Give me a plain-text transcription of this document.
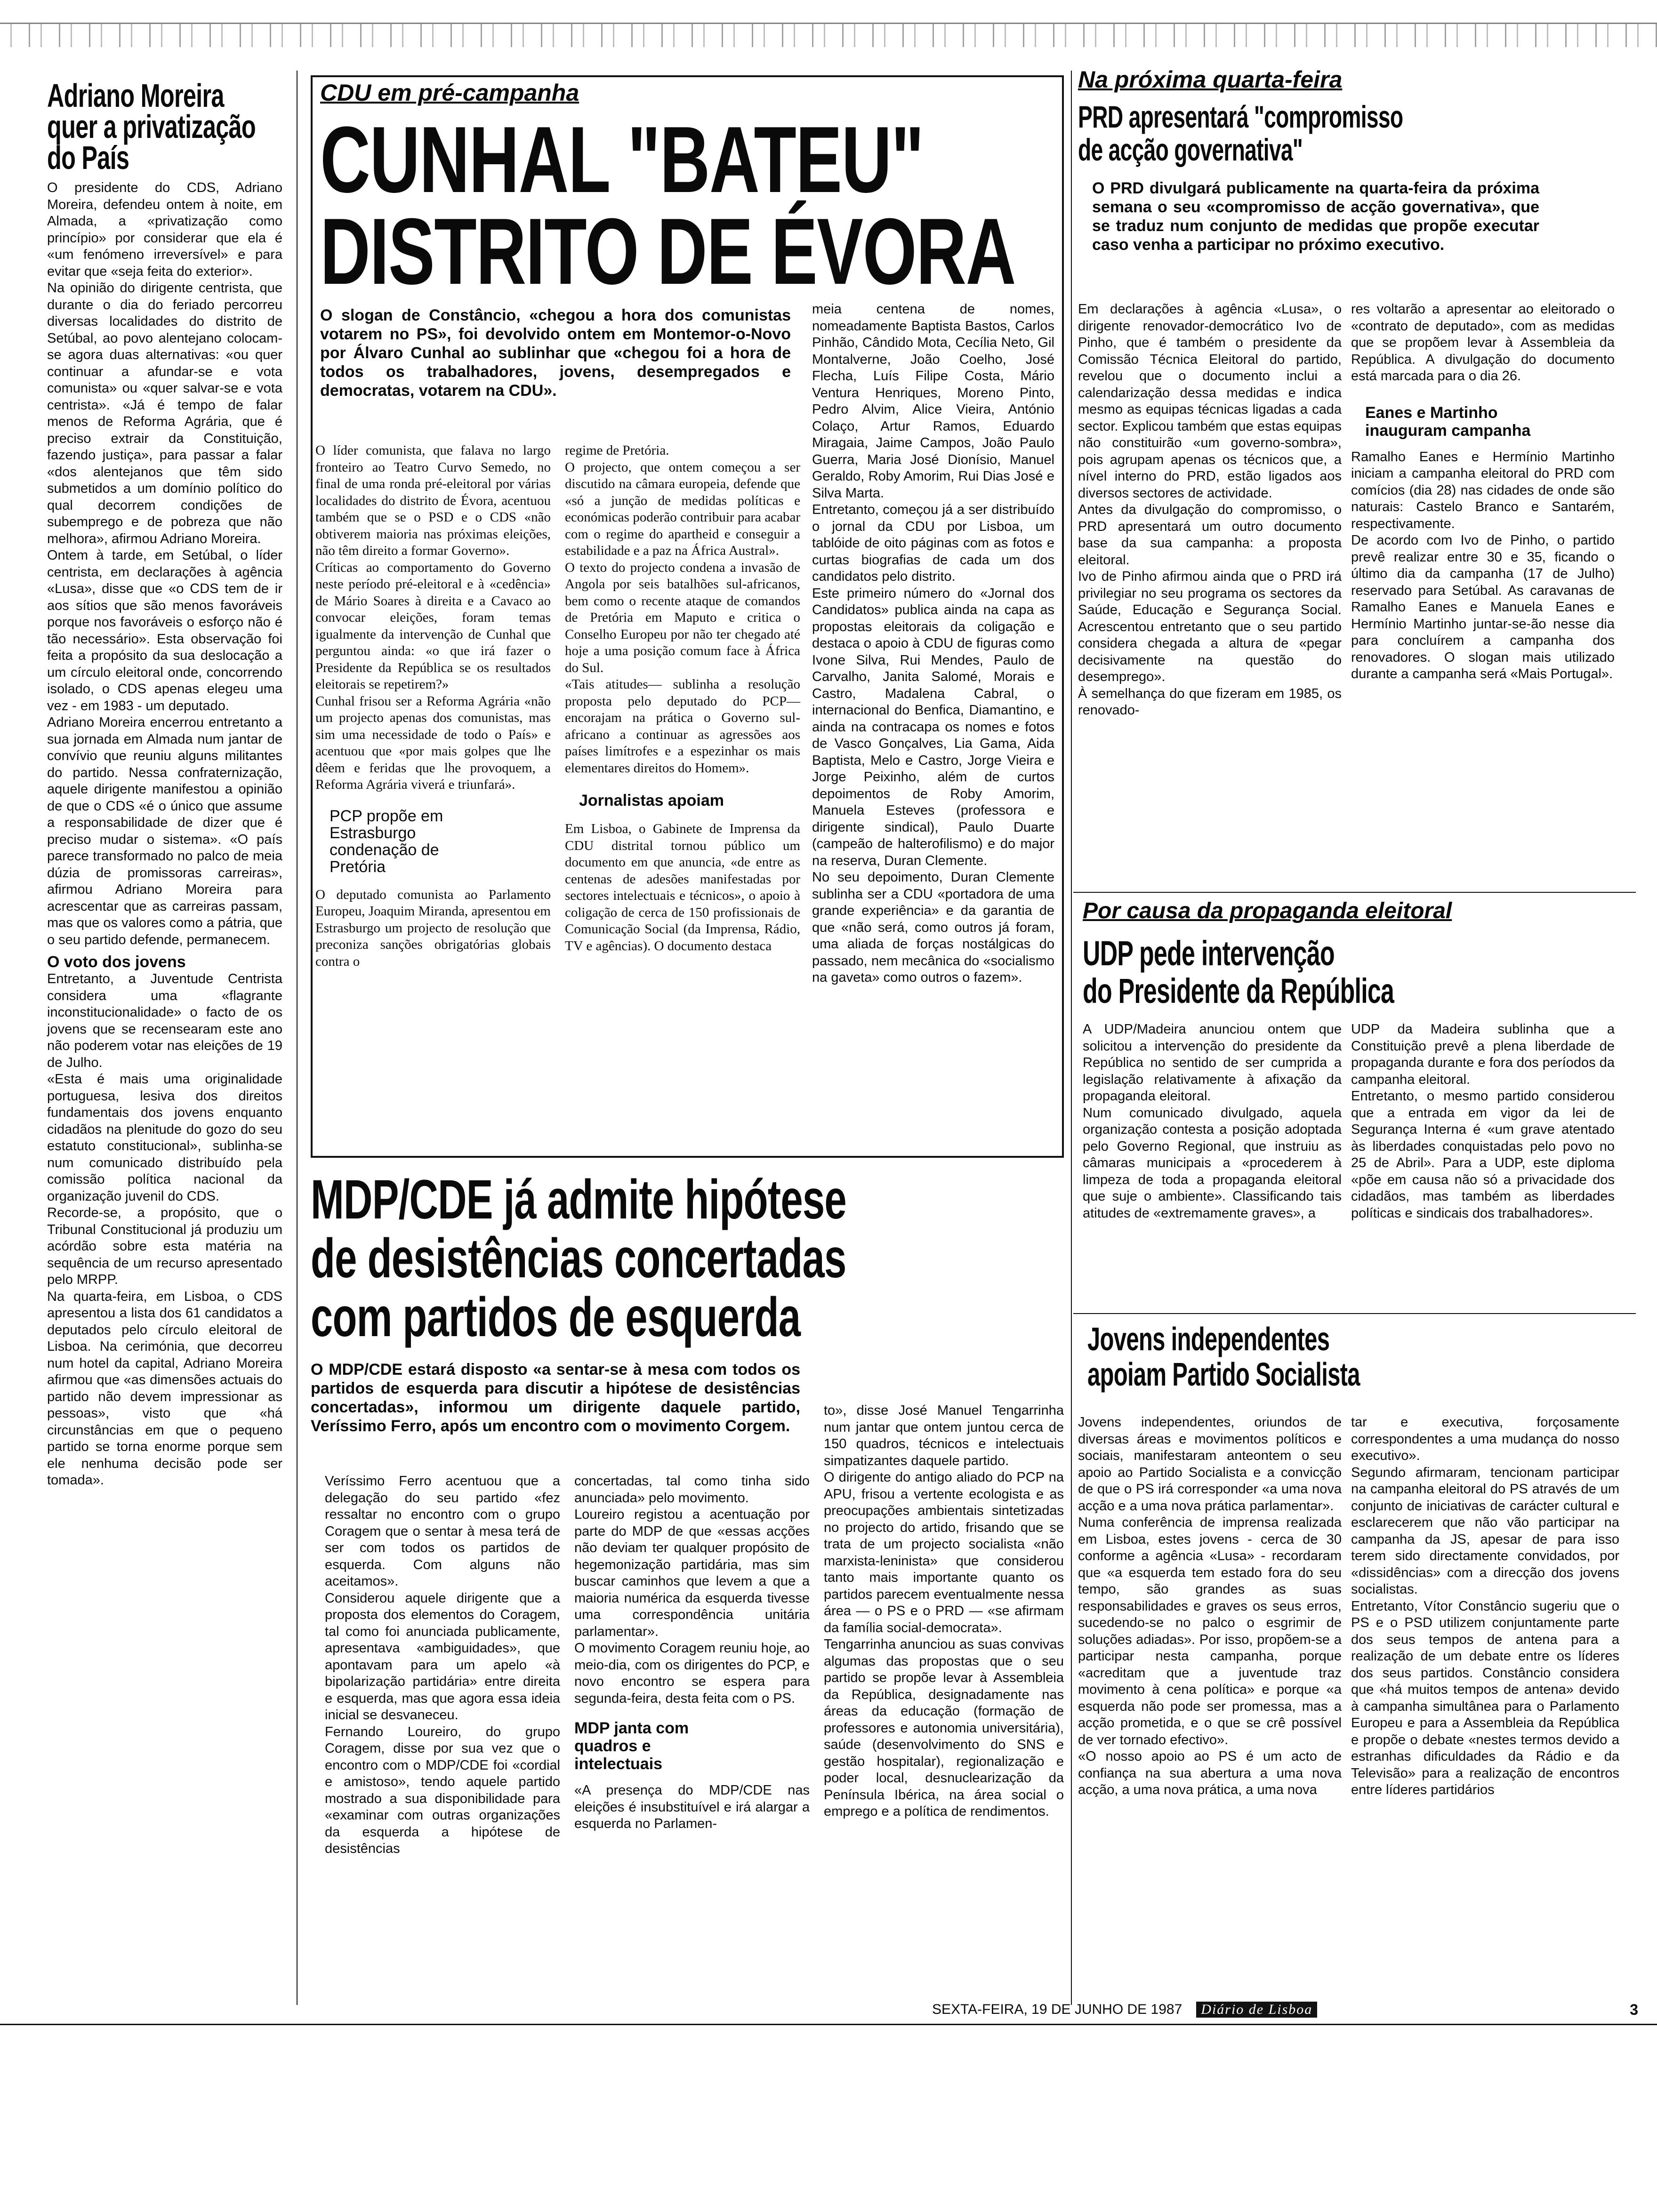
Adriano Moreira
quer a privatização
do País
O presidente do CDS, Adriano Moreira, defendeu ontem à noite, em Almada, a «privatização como princípio» por considerar que ela é «um fenómeno irreversível» e para evitar que «seja feita do exterior».
Na opinião do dirigente centrista, que durante o dia do feriado percorreu diversas localidades do distrito de Setúbal, ao povo alentejano colocam-se agora duas alternativas: «ou quer continuar a afundar-se e vota comunista» ou «quer salvar-se e vota centrista». «Já é tempo de falar menos de Reforma Agrária, que é preciso extrair da Constituição, fazendo justiça», para passar a falar «dos alentejanos que têm sido submetidos a um domínio político do qual decorrem condições de subemprego e de pobreza que não melhora», afirmou Adriano Moreira.
Ontem à tarde, em Setúbal, o líder centrista, em declarações à agência «Lusa», disse que «o CDS tem de ir aos sítios que são menos favoráveis porque nos favoráveis o esforço não é tão necessário». Esta observação foi feita a propósito da sua deslocação a um círculo eleitoral onde, concorrendo isolado, o CDS apenas elegeu uma vez - em 1983 - um deputado.
Adriano Moreira encerrou entretanto a sua jornada em Almada num jantar de convívio que reuniu alguns militantes do partido. Nessa confraternização, aquele dirigente manifestou a opinião de que o CDS «é o único que assume a responsabilidade de dizer que é preciso mudar o sistema». «O país parece transformado no palco de meia dúzia de promissoras carreiras», afirmou Adriano Moreira para acrescentar que as carreiras passam, mas que os valores como a pátria, que o seu partido defende, permanecem.
O voto dos jovens
Entretanto, a Juventude Centrista considera uma «flagrante inconstitucionalidade» o facto de os jovens que se recensearam este ano não poderem votar nas eleições de 19 de Julho.
«Esta é mais uma originalidade portuguesa, lesiva dos direitos fundamentais dos jovens enquanto cidadãos na plenitude do gozo do seu estatuto constitucional», sublinha-se num comunicado distribuído pela comissão política nacional da organização juvenil do CDS.
Recorde-se, a propósito, que o Tribunal Constitucional já produziu um acórdão sobre esta matéria na sequência de um recurso apresentado pelo MRPP.
Na quarta-feira, em Lisboa, o CDS apresentou a lista dos 61 candidatos a deputados pelo círculo eleitoral de Lisboa. Na cerimónia, que decorreu num hotel da capital, Adriano Moreira afirmou que «as dimensões actuais do partido não devem impressionar as pessoas», visto que «há circunstâncias em que o pequeno partido se torna enorme porque sem ele nenhuma decisão pode ser tomada».
CDU em pré-campanha
CUNHAL "BATEU"
DISTRITO DE ÉVORA
O slogan de Constâncio, «chegou a hora dos comunistas votarem no PS», foi devolvido ontem em Montemor-o-Novo por Álvaro Cunhal ao sublinhar que «chegou foi a hora de todos os trabalhadores, jovens, desempregados e democratas, votarem na CDU».
O líder comunista, que falava no largo fronteiro ao Teatro Curvo Semedo, no final de uma ronda pré-eleitoral por várias localidades do distrito de Évora, acentuou também que se o PSD e o CDS «não obtiverem maioria nas próximas eleições, não têm direito a formar Governo».
Críticas ao comportamento do Governo neste período pré-eleitoral e à «cedência» de Mário Soares à direita e a Cavaco ao convocar eleições, foram temas igualmente da intervenção de Cunhal que perguntou ainda: «o que irá fazer o Presidente da República se os resultados eleitorais se repetirem?»
Cunhal frisou ser a Reforma Agrária «não um projecto apenas dos comunistas, mas sim uma necessidade de todo o País» e acentuou que «por mais golpes que lhe dêem e feridas que lhe provoquem, a Reforma Agrária viverá e triunfará».
PCP propõe em Estrasburgo condenação de Pretória
O deputado comunista ao Parlamento Europeu, Joaquim Miranda, apresentou em Estrasburgo um projecto de resolução que preconiza sanções obrigatórias globais contra o
regime de Pretória.
O projecto, que ontem começou a ser discutido na câmara europeia, defende que «só a junção de medidas políticas e económicas poderão contribuir para acabar com o regime do apartheid e conseguir a estabilidade e a paz na África Austral».
O texto do projecto condena a invasão de Angola por seis batalhões sul-africanos, bem como o recente ataque de comandos de Pretória em Maputo e critica o Conselho Europeu por não ter chegado até hoje a uma posição comum face à África do Sul.
«Tais atitudes— sublinha a resolução proposta pelo deputado do PCP— encorajam na prática o Governo sul-africano a continuar as agressões aos países limítrofes e a espezinhar os mais elementares direitos do Homem».
Jornalistas apoiam
Em Lisboa, o Gabinete de Imprensa da CDU distrital tornou público um documento em que anuncia, «de entre as centenas de adesões manifestadas por sectores intelectuais e técnicos», o apoio à coligação de cerca de 150 profissionais de Comunicação Social (da Imprensa, Rádio, TV e agências). O documento destaca
meia centena de nomes, nomeadamente Baptista Bastos, Carlos Pinhão, Cândido Mota, Cecília Neto, Gil Montalverne, João Coelho, José Flecha, Luís Filipe Costa, Mário Ventura Henriques, Moreno Pinto, Pedro Alvim, Alice Vieira, António Colaço, Artur Ramos, Eduardo Miragaia, Jaime Campos, João Paulo Guerra, Maria José Dionísio, Manuel Geraldo, Roby Amorim, Rui Dias José e Silva Marta.
Entretanto, começou já a ser distribuído o jornal da CDU por Lisboa, um tablóide de oito páginas com as fotos e curtas biografias de cada um dos candidatos pelo distrito.
Este primeiro número do «Jornal dos Candidatos» publica ainda na capa as propostas eleitorais da coligação e destaca o apoio à CDU de figuras como Ivone Silva, Rui Mendes, Paulo de Carvalho, Janita Salomé, Morais e Castro, Madalena Cabral, o internacional do Benfica, Diamantino, e ainda na contracapa os nomes e fotos de Vasco Gonçalves, Lia Gama, Aida Baptista, Melo e Castro, Jorge Vieira e Jorge Peixinho, além de curtos depoimentos de Roby Amorim, Manuela Esteves (professora e dirigente sindical), Paulo Duarte (campeão de halterofilismo) e do major na reserva, Duran Clemente.
No seu depoimento, Duran Clemente sublinha ser a CDU «portadora de uma grande experiência» e da garantia de que «não será, como outros já foram, uma aliada de forças nostálgicas do passado, nem mecânica do «socialismo na gaveta» como outros o fazem».
Na próxima quarta-feira
PRD apresentará "compromisso
de acção governativa"
O PRD divulgará publicamente na quarta-feira da próxima semana o seu «compromisso de acção governativa», que se traduz num conjunto de medidas que propõe executar caso venha a participar no próximo executivo.
Em declarações à agência «Lusa», o dirigente renovador-democrático Ivo de Pinho, que é também o presidente da Comissão Técnica Eleitoral do partido, revelou que o documento inclui a calendarização dessa medidas e indica mesmo as equipas técnicas ligadas a cada sector. Explicou também que estas equipas não constituirão «um governo-sombra», pois agrupam apenas os técnicos que, a nível interno do PRD, estão ligados aos diversos sectores de actividade.
Antes da divulgação do compromisso, o PRD apresentará um outro documento base da sua campanha: a proposta eleitoral.
Ivo de Pinho afirmou ainda que o PRD irá privilegiar no seu programa os sectores da Saúde, Educação e Segurança Social. Acrescentou entretanto que o seu partido considera chegada a altura de «pegar decisivamente na questão do desemprego».
À semelhança do que fizeram em 1985, os renovado-
res voltarão a apresentar ao eleitorado o «contrato de deputado», com as medidas que se propõem levar à Assembleia da República. A divulgação do documento está marcada para o dia 26.
Eanes e Martinho inauguram campanha
Ramalho Eanes e Hermínio Martinho iniciam a campanha eleitoral do PRD com comícios (dia 28) nas cidades de onde são naturais: Castelo Branco e Santarém, respectivamente.
De acordo com Ivo de Pinho, o partido prevê realizar entre 30 e 35, ficando o último dia da campanha (17 de Julho) reservado para Setúbal. As caravanas de Ramalho Eanes e Manuela Eanes e Hermínio Martinho juntar-se-ão nesse dia para concluírem a campanha dos renovadores. O slogan mais utilizado durante a campanha será «Mais Portugal».
Por causa da propaganda eleitoral
UDP pede intervenção
do Presidente da República
A UDP/Madeira anunciou ontem que solicitou a intervenção do presidente da República no sentido de ser cumprida a legislação relativamente à afixação da propaganda eleitoral.
Num comunicado divulgado, aquela organização contesta a posição adoptada pelo Governo Regional, que instruiu as câmaras municipais a «procederem à limpeza de toda a propaganda eleitoral que suje o ambiente». Classificando tais atitudes de «extremamente graves», a
UDP da Madeira sublinha que a Constituição prevê a plena liberdade de propaganda durante e fora dos períodos da campanha eleitoral.
Entretanto, o mesmo partido considerou que a entrada em vigor da lei de Segurança Interna é «um grave atentado às liberdades conquistadas pelo povo no 25 de Abril». Para a UDP, este diploma «põe em causa não só a privacidade dos cidadãos, mas também as liberdades políticas e sindicais dos trabalhadores».
MDP/CDE já admite hipótese
de desistências concertadas
com partidos de esquerda
O MDP/CDE estará disposto «a sentar-se à mesa com todos os partidos de esquerda para discutir a hipótese de desistências concertadas», informou um dirigente daquele partido, Veríssimo Ferro, após um encontro com o movimento Corgem.
Veríssimo Ferro acentuou que a delegação do seu partido «fez ressaltar no encontro com o grupo Coragem que o sentar à mesa terá de ser com todos os partidos de esquerda. Com alguns não aceitamos».
Considerou aquele dirigente que a proposta dos elementos do Coragem, tal como foi anunciada publicamente, apresentava «ambiguidades», que apontavam para um apelo «à bipolarização partidária» entre direita e esquerda, mas que agora essa ideia inicial se desvaneceu.
Fernando Loureiro, do grupo Coragem, disse por sua vez que o encontro com o MDP/CDE foi «cordial e amistoso», tendo aquele partido mostrado a sua disponibilidade para «examinar com outras organizações da esquerda a hipótese de desistências
concertadas, tal como tinha sido anunciada» pelo movimento.
Loureiro registou a acentuação por parte do MDP de que «essas acções não deviam ter qualquer propósito de hegemonização partidária, mas sim buscar caminhos que levem a que a maioria numérica da esquerda tivesse uma correspondência unitária parlamentar».
O movimento Coragem reuniu hoje, ao meio-dia, com os dirigentes do PCP, e novo encontro se espera para segunda-feira, desta feita com o PS.
MDP janta com quadros e intelectuais
«A presença do MDP/CDE nas eleições é insubstituível e irá alargar a esquerda no Parlamen-
to», disse José Manuel Tengarrinha num jantar que ontem juntou cerca de 150 quadros, técnicos e intelectuais simpatizantes daquele partido.
O dirigente do antigo aliado do PCP na APU, frisou a vertente ecologista e as preocupações ambientais sintetizadas no projecto do artido, frisando que se trata de um projecto socialista «não marxista-leninista» que considerou tanto mais importante quanto os partidos parecem eventualmente nessa área — o PS e o PRD — «se afirmam da família social-democrata».
Tengarrinha anunciou as suas convivas algumas das propostas que o seu partido se propõe levar à Assembleia da República, designadamente nas áreas da educação (formação de professores e autonomia universitária), saúde (desenvolvimento do SNS e gestão hospitalar), regionalização e poder local, desnuclearização da Península Ibérica, na área social o emprego e a política de rendimentos.
Jovens independentes
apoiam Partido Socialista
Jovens independentes, oriundos de diversas áreas e movimentos políticos e sociais, manifestaram anteontem o seu apoio ao Partido Socialista e a convicção de que o PS irá corresponder «a uma nova acção e a uma nova prática parlamentar».
Numa conferência de imprensa realizada em Lisboa, estes jovens - cerca de 30 conforme a agência «Lusa» - recordaram que «a esquerda tem estado fora do seu tempo, são grandes as suas responsabilidades e graves os seus erros, sucedendo-se no palco o esgrimir de soluções adiadas». Por isso, propõem-se a participar nesta campanha, porque «acreditam que a juventude traz movimento à cena política» e porque «a esquerda não pode ser promessa, mas a acção prometida, e o que se crê possível de ver tornado efectivo».
«O nosso apoio ao PS é um acto de confiança na sua abertura a uma nova acção, a uma nova prática, a uma nova
tar e executiva, forçosamente correspondentes a uma mudança do nosso executivo».
Segundo afirmaram, tencionam participar na campanha eleitoral do PS através de um conjunto de iniciativas de carácter cultural e esclarecerem que não vão participar na campanha da JS, apesar de para isso terem sido directamente convidados, por «dissidências» com a direcção dos jovens socialistas.
Entretanto, Vítor Constâncio sugeriu que o PS e o PSD utilizem conjuntamente parte dos seus tempos de antena para a realização de um debate entre os líderes dos seus partidos. Constâncio considera que «há muitos tempos de antena» devido à campanha simultânea para o Parlamento Europeu e para a Assembleia da República e propõe o debate «nestes termos devido a estranhas dificuldades da Rádio e da Televisão» para a realização de encontros entre líderes partidários
SEXTA-FEIRA, 19 DE JUNHO DE 1987	Diário de Lisboa	3
